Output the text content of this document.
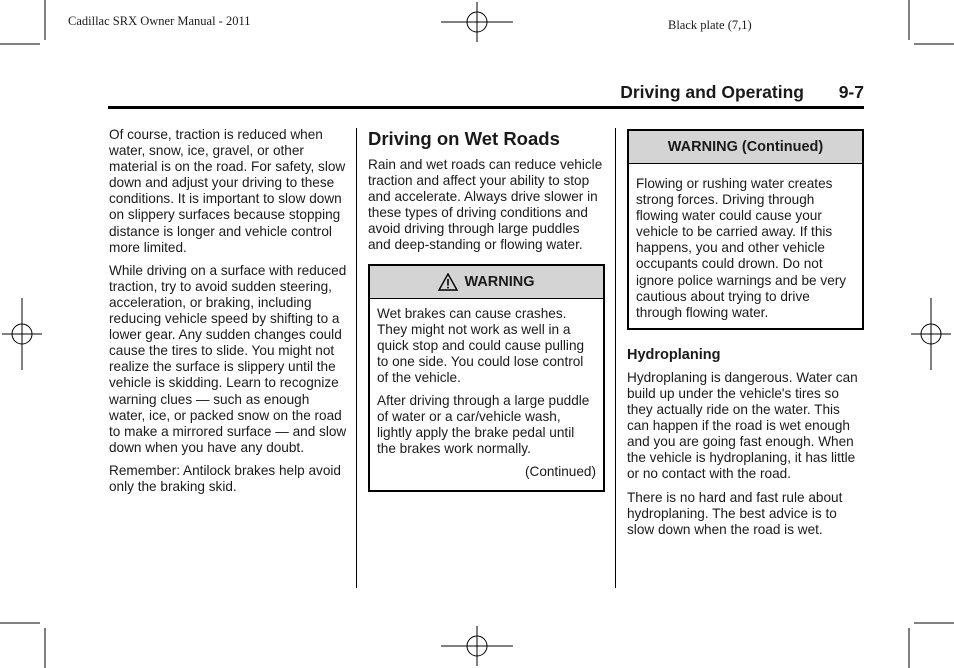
Cadillac SRX Owner Manual - 2011	Black plate (7,1)
Driving and Operating 9-7

Of course, traction is reduced when water, snow, ice, gravel, or other material is on the road. For safety, slow down and adjust your driving to these conditions. It is important to slow down on slippery surfaces because stopping distance is longer and vehicle control more limited.

While driving on a surface with reduced traction, try to avoid sudden steering, acceleration, or braking, including reducing vehicle speed by shifting to a lower gear. Any sudden changes could cause the tires to slide. You might not realize the surface is slippery until the vehicle is skidding. Learn to recognize warning clues — such as enough water, ice, or packed snow on the road to make a mirrored surface — and slow down when you have any doubt.

Remember: Antilock brakes help avoid only the braking skid.

Driving on Wet Roads

Rain and wet roads can reduce vehicle traction and affect your ability to stop and accelerate. Always drive slower in these types of driving conditions and avoid driving through large puddles and deep-standing or flowing water.

WARNING

Wet brakes can cause crashes. They might not work as well in a quick stop and could cause pulling to one side. You could lose control of the vehicle.

After driving through a large puddle of water or a car/vehicle wash, lightly apply the brake pedal until the brakes work normally.

(Continued)

WARNING (Continued)

Flowing or rushing water creates strong forces. Driving through flowing water could cause your vehicle to be carried away. If this happens, you and other vehicle occupants could drown. Do not ignore police warnings and be very cautious about trying to drive through flowing water.

Hydroplaning

Hydroplaning is dangerous. Water can build up under the vehicle's tires so they actually ride on the water. This can happen if the road is wet enough and you are going fast enough. When the vehicle is hydroplaning, it has little or no contact with the road.

There is no hard and fast rule about hydroplaning. The best advice is to slow down when the road is wet.
